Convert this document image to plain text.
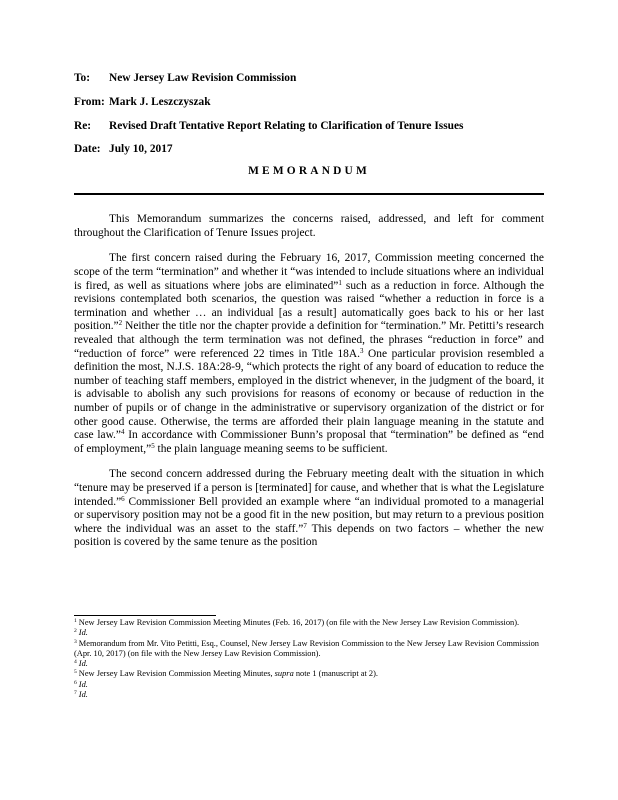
To: New Jersey Law Revision Commission
From: Mark J. Leszczyszak
Re: Revised Draft Tentative Report Relating to Clarification of Tenure Issues
Date: July 10, 2017
MEMORANDUM

This Memorandum summarizes the concerns raised, addressed, and left for comment throughout the Clarification of Tenure Issues project.

The first concern raised during the February 16, 2017, Commission meeting concerned the scope of the term “termination” and whether it “was intended to include situations where an individual is fired, as well as situations where jobs are eliminated”$^1$ such as a reduction in force. Although the revisions contemplated both scenarios, the question was raised “whether a reduction in force is a termination and whether … an individual [as a result] automatically goes back to his or her last position.”$^2$ Neither the title nor the chapter provide a definition for “termination.” Mr. Petitti’s research revealed that although the term termination was not defined, the phrases “reduction in force” and “reduction of force” were referenced 22 times in Title 18A.$^3$ One particular provision resembled a definition the most, N.J.S. 18A:28-9, “which protects the right of any board of education to reduce the number of teaching staff members, employed in the district whenever, in the judgment of the board, it is advisable to abolish any such provisions for reasons of economy or because of reduction in the number of pupils or of change in the administrative or supervisory organization of the district or for other good cause. Otherwise, the terms are afforded their plain language meaning in the statute and case law.”$^4$ In accordance with Commissioner Bunn’s proposal that “termination” be defined as “end of employment,”$^5$ the plain language meaning seems to be sufficient.

The second concern addressed during the February meeting dealt with the situation in which “tenure may be preserved if a person is [terminated] for cause, and whether that is what the Legislature intended.”$^6$ Commissioner Bell provided an example where “an individual promoted to a managerial or supervisory position may not be a good fit in the new position, but may return to a previous position where the individual was an asset to the staff.”$^7$ This depends on two factors – whether the new position is covered by the same tenure as the position

$^1$ New Jersey Law Revision Commission Meeting Minutes (Feb. 16, 2017) (on file with the New Jersey Law Revision Commission).

$^2$ Id.

$^3$ Memorandum from Mr. Vito Petitti, Esq., Counsel, New Jersey Law Revision Commission to the New Jersey Law Revision Commission (Apr. 10, 2017) (on file with the New Jersey Law Revision Commission).

$^4$ Id.

$^5$ New Jersey Law Revision Commission Meeting Minutes, supra note 1 (manuscript at 2).

$^6$ Id.

$^7$ Id.
